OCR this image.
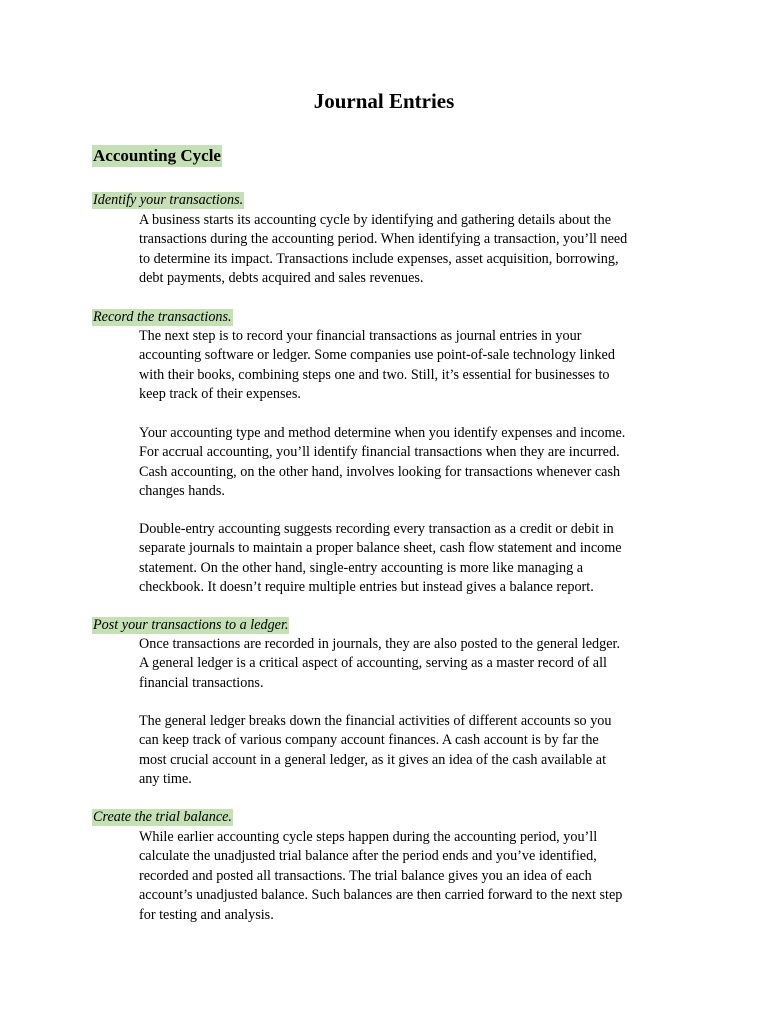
Journal Entries
Accounting Cycle
Identify your transactions.
A business starts its accounting cycle by identifying and gathering details about the
transactions during the accounting period. When identifying a transaction, you’ll need
to determine its impact. Transactions include expenses, asset acquisition, borrowing,
debt payments, debts acquired and sales revenues.
Record the transactions.
The next step is to record your financial transactions as journal entries in your
accounting software or ledger. Some companies use point-of-sale technology linked
with their books, combining steps one and two. Still, it’s essential for businesses to
keep track of their expenses.
Your accounting type and method determine when you identify expenses and income.
For accrual accounting, you’ll identify financial transactions when they are incurred.
Cash accounting, on the other hand, involves looking for transactions whenever cash
changes hands.
Double-entry accounting suggests recording every transaction as a credit or debit in
separate journals to maintain a proper balance sheet, cash flow statement and income
statement. On the other hand, single-entry accounting is more like managing a
checkbook. It doesn’t require multiple entries but instead gives a balance report.
Post your transactions to a ledger.
Once transactions are recorded in journals, they are also posted to the general ledger.
A general ledger is a critical aspect of accounting, serving as a master record of all
financial transactions.
The general ledger breaks down the financial activities of different accounts so you
can keep track of various company account finances. A cash account is by far the
most crucial account in a general ledger, as it gives an idea of the cash available at
any time.
Create the trial balance.
While earlier accounting cycle steps happen during the accounting period, you’ll
calculate the unadjusted trial balance after the period ends and you’ve identified,
recorded and posted all transactions. The trial balance gives you an idea of each
account’s unadjusted balance. Such balances are then carried forward to the next step
for testing and analysis.
